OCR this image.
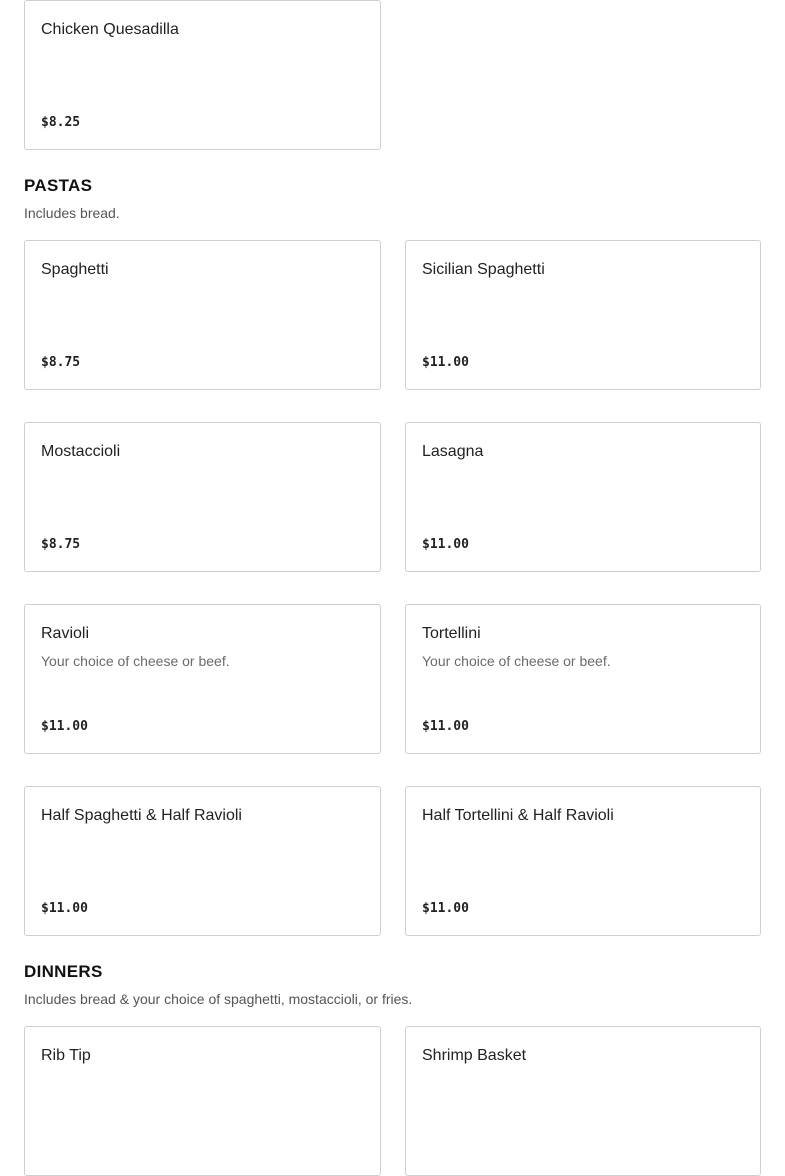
Chicken Quesadilla
$8.25
PASTAS

Includes bread.

Spaghetti
$8.75
Sicilian Spaghetti
$11.00
Mostaccioli
$8.75
Lasagna
$11.00
Ravioli
Your choice of cheese or beef.
$11.00
Tortellini
Your choice of cheese or beef.
$11.00
Half Spaghetti & Half Ravioli
$11.00
Half Tortellini & Half Ravioli
$11.00
DINNERS

Includes bread & your choice of spaghetti, mostaccioli, or fries.

Rib Tip	Shrimp Basket
